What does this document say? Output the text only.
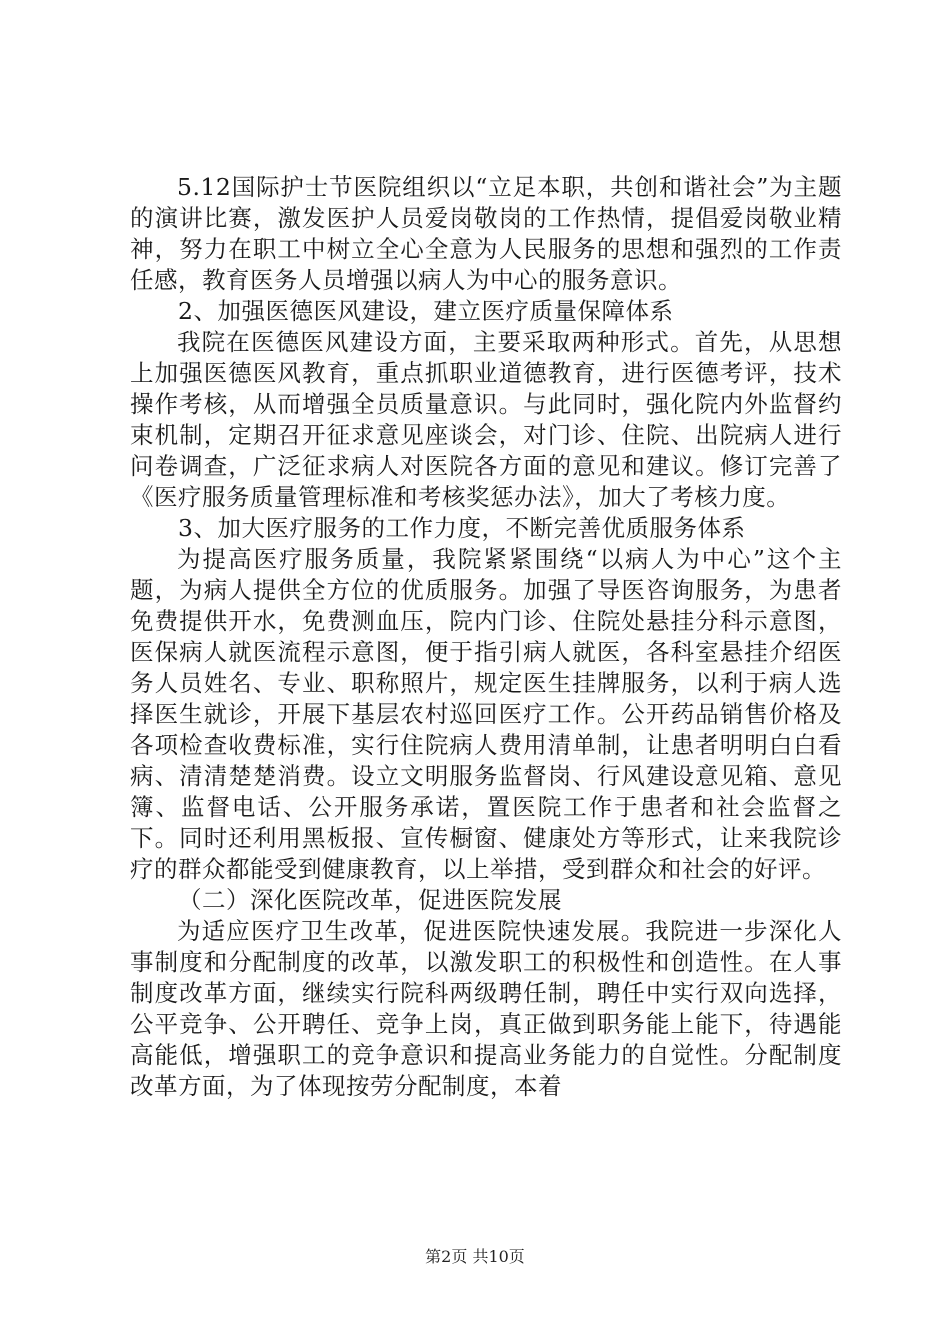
5.12国际护士节医院组织以“立足本职，共创和谐社会”为主题的演讲比赛，激发医护人员爱岗敬岗的工作热情，提倡爱岗敬业精神，努力在职工中树立全心全意为人民服务的思想和强烈的工作责任感，教育医务人员增强以病人为中心的服务意识。

2、加强医德医风建设，建立医疗质量保障体系

我院在医德医风建设方面，主要采取两种形式。首先，从思想上加强医德医风教育，重点抓职业道德教育，进行医德考评，技术操作考核，从而增强全员质量意识。与此同时，强化院内外监督约束机制，定期召开征求意见座谈会，对门诊、住院、出院病人进行问卷调查，广泛征求病人对医院各方面的意见和建议。修订完善了《医疗服务质量管理标准和考核奖惩办法》，加大了考核力度。

3、加大医疗服务的工作力度，不断完善优质服务体系

为提高医疗服务质量，我院紧紧围绕“以病人为中心”这个主题，为病人提供全方位的优质服务。加强了导医咨询服务，为患者免费提供开水，免费测血压，院内门诊、住院处悬挂分科示意图，医保病人就医流程示意图，便于指引病人就医，各科室悬挂介绍医务人员姓名、专业、职称照片，规定医生挂牌服务，以利于病人选择医生就诊，开展下基层农村巡回医疗工作。公开药品销售价格及各项检查收费标准，实行住院病人费用清单制，让患者明明白白看病、清清楚楚消费。设立文明服务监督岗、行风建设意见箱、意见簿、监督电话、公开服务承诺，置医院工作于患者和社会监督之下。同时还利用黑板报、宣传橱窗、健康处方等形式，让来我院诊疗的群众都能受到健康教育，以上举措，受到群众和社会的好评。

（二）深化医院改革，促进医院发展

为适应医疗卫生改革，促进医院快速发展。我院进一步深化人事制度和分配制度的改革，以激发职工的积极性和创造性。在人事制度改革方面，继续实行院科两级聘任制，聘任中实行双向选择，公平竞争、公开聘任、竞争上岗，真正做到职务能上能下，待遇能高能低，增强职工的竞争意识和提高业务能力的自觉性。分配制度改革方面，为了体现按劳分配制度，本着

第2页 共10页
